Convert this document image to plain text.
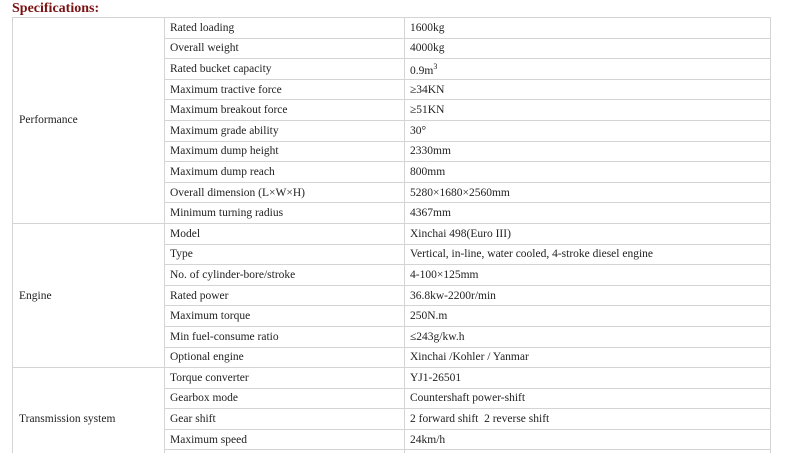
Specifications:
Performance	Rated loading	1600kg
	Overall weight	4000kg
	Rated bucket capacity	$0.9m^3$
	Maximum tractive force	≥34KN
	Maximum breakout force	≥51KN
	Maximum grade ability	30°
	Maximum dump height	2330mm
	Maximum dump reach	800mm
	Overall dimension (L×W×H)	5280×1680×2560mm
	Minimum turning radius	4367mm
Engine	Model	Xinchai 498(Euro III)
	Type	Vertical, in-line, water cooled, 4-stroke diesel engine
	No. of cylinder-bore/stroke	4-100×125mm
	Rated power	36.8kw-2200r/min
	Maximum torque	250N.m
	Min fuel-consume ratio	≤243g/kw.h
	Optional engine	Xinchai /Kohler / Yanmar
Transmission system	Torque converter	YJ1-26501
	Gearbox mode	Countershaft power-shift
	Gear shift	2 forward shift  2 reverse shift
	Maximum speed	24km/h
